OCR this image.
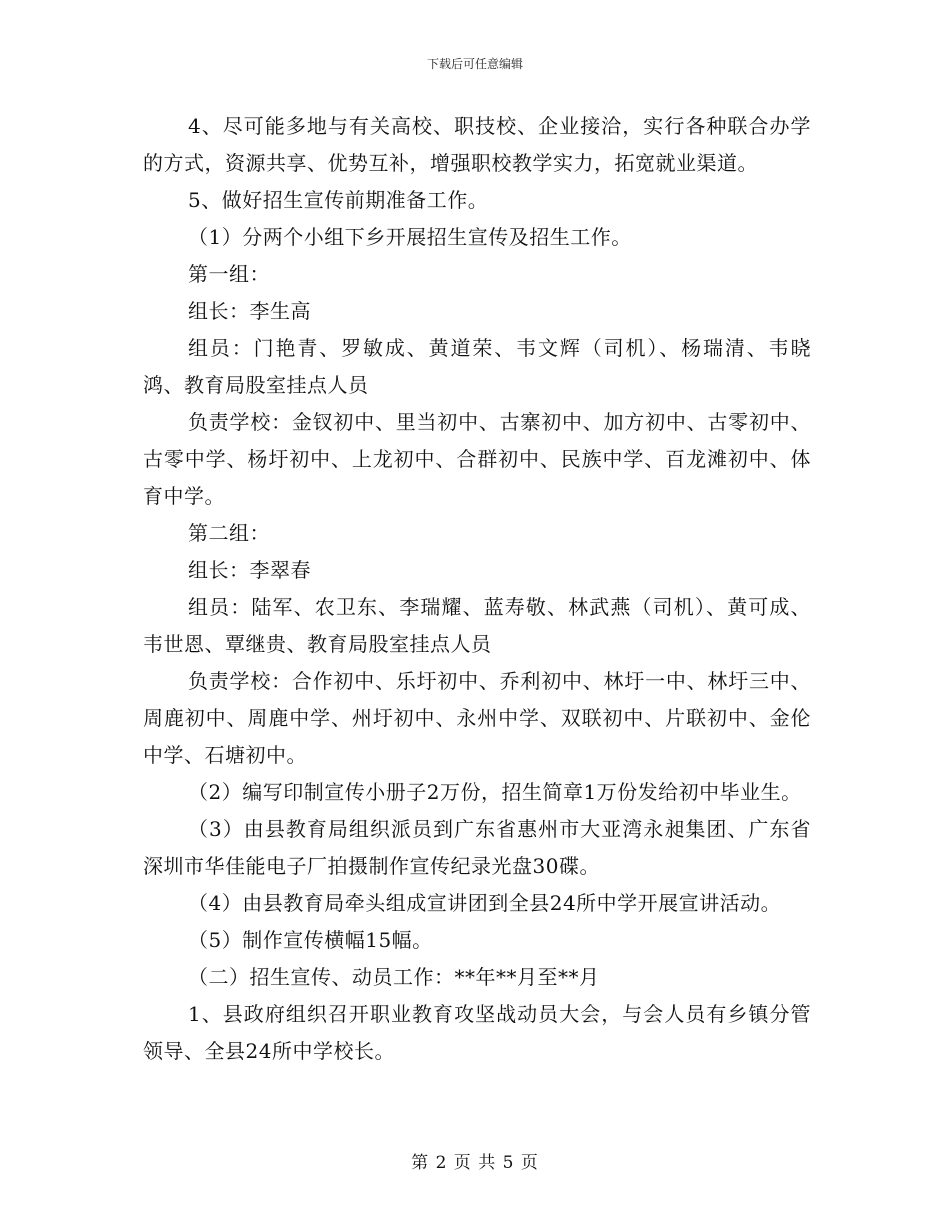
下载后可任意编辑

4、尽可能多地与有关高校、职技校、企业接洽，实行各种联合办学的方式，资源共享、优势互补，增强职校教学实力，拓宽就业渠道。

5、做好招生宣传前期准备工作。

（1）分两个小组下乡开展招生宣传及招生工作。

第一组：

组长：李生高

组员：门艳青、罗敏成、黄道荣、韦文辉（司机）、杨瑞清、韦晓鸿、教育局股室挂点人员

负责学校：金钗初中、里当初中、古寨初中、加方初中、古零初中、古零中学、杨圩初中、上龙初中、合群初中、民族中学、百龙滩初中、体育中学。

第二组：

组长：李翠春

组员：陆军、农卫东、李瑞耀、蓝寿敬、林武燕（司机）、黄可成、韦世恩、覃继贵、教育局股室挂点人员

负责学校：合作初中、乐圩初中、乔利初中、林圩一中、林圩三中、周鹿初中、周鹿中学、州圩初中、永州中学、双联初中、片联初中、金伦中学、石塘初中。

（2）编写印制宣传小册子2万份，招生简章1万份发给初中毕业生。

（3）由县教育局组织派员到广东省惠州市大亚湾永昶集团、广东省深圳市华佳能电子厂拍摄制作宣传纪录光盘30碟。

（4）由县教育局牵头组成宣讲团到全县24所中学开展宣讲活动。

（5）制作宣传横幅15幅。

（二）招生宣传、动员工作：**年**月至**月

1、县政府组织召开职业教育攻坚战动员大会，与会人员有乡镇分管领导、全县24所中学校长。

第 2 页 共 5 页
